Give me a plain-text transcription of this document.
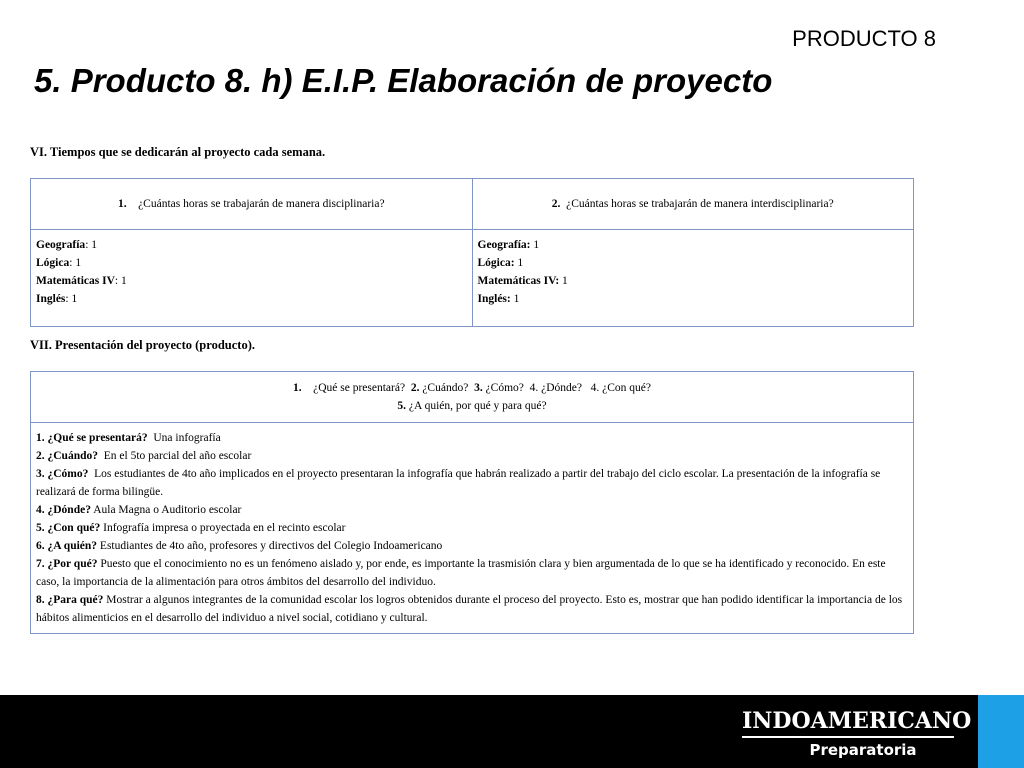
PRODUCTO 8
5. Producto 8. h) E.I.P. Elaboración de proyecto
VI. Tiempos que se dedicarán al proyecto cada semana.
1. ¿Cuántas horas se trabajarán de manera disciplinaria?	2. ¿Cuántas horas se trabajarán de manera interdisciplinaria?

Geografía: 1
Lógica: 1
Matemáticas IV: 1
Inglés: 1	Geografía: 1
Lógica: 1
Matemáticas IV: 1
Inglés: 1
VII. Presentación del proyecto (producto).
1. ¿Qué se presentará? 2. ¿Cuándo? 3. ¿Cómo? 4. ¿Dónde? 4. ¿Con qué?
5. ¿A quién, por qué y para qué?

1. ¿Qué se presentará? Una infografía
2. ¿Cuándo? En el 5to parcial del año escolar
3. ¿Cómo? Los estudiantes de 4to año implicados en el proyecto presentaran la infografía que habrán realizado a partir del trabajo del ciclo escolar. La presentación de la infografía se realizará de forma bilingüe.
4. ¿Dónde? Aula Magna o Auditorio escolar
5. ¿Con qué? Infografía impresa o proyectada en el recinto escolar
6. ¿A quién? Estudiantes de 4to año, profesores y directivos del Colegio Indoamericano
7. ¿Por qué? Puesto que el conocimiento no es un fenómeno aislado y, por ende, es importante la trasmisión clara y bien argumentada de lo que se ha identificado y reconocido. En este caso, la importancia de la alimentación para otros ámbitos del desarrollo del individuo.
8. ¿Para qué? Mostrar a algunos integrantes de la comunidad escolar los logros obtenidos durante el proceso del proyecto. Esto es, mostrar que han podido identificar la importancia de los hábitos alimenticios en el desarrollo del individuo a nivel social, cotidiano y cultural.
INDOAMERICANO
Preparatoria
